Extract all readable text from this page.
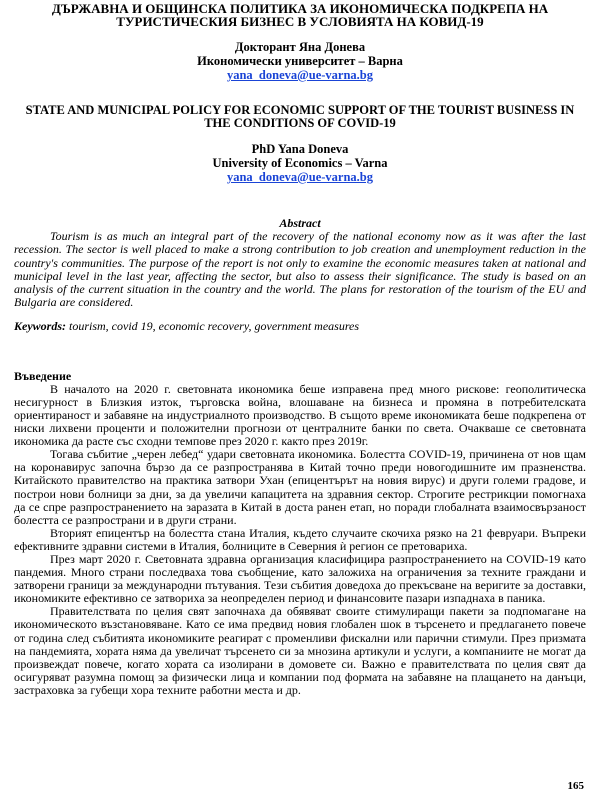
ДЪРЖАВНА И ОБЩИНСКА ПОЛИТИКА ЗА ИКОНОМИЧЕСКА ПОДКРЕПА НА ТУРИСТИЧЕСКИЯ БИЗНЕС В УСЛОВИЯТА НА КОВИД-19

Докторант Яна Донева
Икономически университет – Варна
yana_doneva@ue-varna.bg
STATE AND MUNICIPAL POLICY FOR ECONOMIC SUPPORT OF THE TOURIST BUSINESS IN THE CONDITIONS OF COVID-19
PhD Yana Doneva
University of Economics – Varna
yana_doneva@ue-varna.bg
Abstract

Tourism is as much an integral part of the recovery of the national economy now as it was after the last recession. The sector is well placed to make a strong contribution to job creation and unemployment reduction in the country's communities. The purpose of the report is not only to examine the economic measures taken at national and municipal level in the last year, affecting the sector, but also to assess their significance. The study is based on an analysis of the current situation in the country and the world. The plans for restoration of the tourism of the EU and Bulgaria are considered.

Keywords: tourism, covid 19, economic recovery, government measures
Въведение

В началото на 2020 г. световната икономика беше изправена пред много рискове: геополитическа несигурност в Близкия изток, търговска война, влошаване на бизнеса и промяна в потребителската ориентираност и забавяне на индустриалното производство. В същото време икономиката беше подкрепена от ниски лихвени проценти и положителни прогнози от централните банки по света. Очакваше се световната икономика да расте със сходни темпове през 2020 г. както през 2019г.

Тогава събитие „черен лебед“ удари световната икономика. Болестта COVID-19, причинена от нов щам на коронавирус започна бързо да се разпространява в Китай точно преди новогодишните им празненства. Китайското правителство на практика затвори Ухан (епицентърът на новия вирус) и други големи градове, и построи нови болници за дни, за да увеличи капацитета на здравния сектор. Строгите рестрикции помогнаха да се спре разпространението на заразата в Китай в доста ранен етап, но поради глобалната взаимосвързаност болестта се разпространи и в други страни.

Вторият епицентър на болестта стана Италия, където случаите скочиха рязко на 21 февруари. Въпреки ефективните здравни системи в Италия, болниците в Северния ѝ регион се претовариха.

През март 2020 г. Световната здравна организация класифицира разпространението на COVID-19 като пандемия. Много страни последваха това съобщение, като заложиха на ограничения за техните граждани и затворени граници за международни пътувания. Тези събития доведоха до прекъсване на веригите за доставки, икономиките ефективно се затвориха за неопределен период и финансовите пазари изпаднаха в паника.

Правителствата по целия свят започнаха да обявяват своите стимулиращи пакети за подпомагане на икономическото възстановяване. Като се има предвид новия глобален шок в търсенето и предлагането повече от година след събитията икономиките реагират с променливи фискални или парични стимули. През призмата на пандемията, хората няма да увеличат търсенето си за мнозина артикули и услуги, а компаниите не могат да произвеждат повече, когато хората са изолирани в домовете си. Важно е правителствата по целия свят да осигуряват разумна помощ за физически лица и компании под формата на забавяне на плащането на данъци, застраховка за губещи хора техните работни места и др.

165
